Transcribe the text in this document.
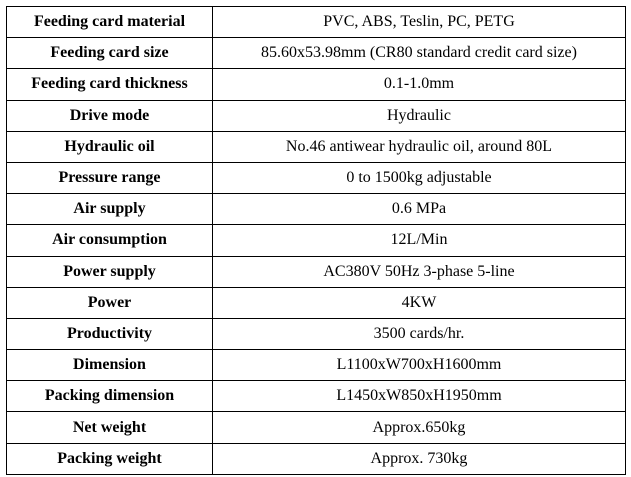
Feeding card material	PVC, ABS, Teslin, PC, PETG
Feeding card size	85.60x53.98mm (CR80 standard credit card size)
Feeding card thickness	0.1-1.0mm
Drive mode	Hydraulic
Hydraulic oil	No.46 antiwear hydraulic oil, around 80L
Pressure range	0 to 1500kg adjustable
Air supply	0.6 MPa
Air consumption	12L/Min
Power supply	AC380V 50Hz 3-phase 5-line
Power	4KW
Productivity	3500 cards/hr.
Dimension	L1100xW700xH1600mm
Packing dimension	L1450xW850xH1950mm
Net weight	Approx.650kg
Packing weight	Approx. 730kg
